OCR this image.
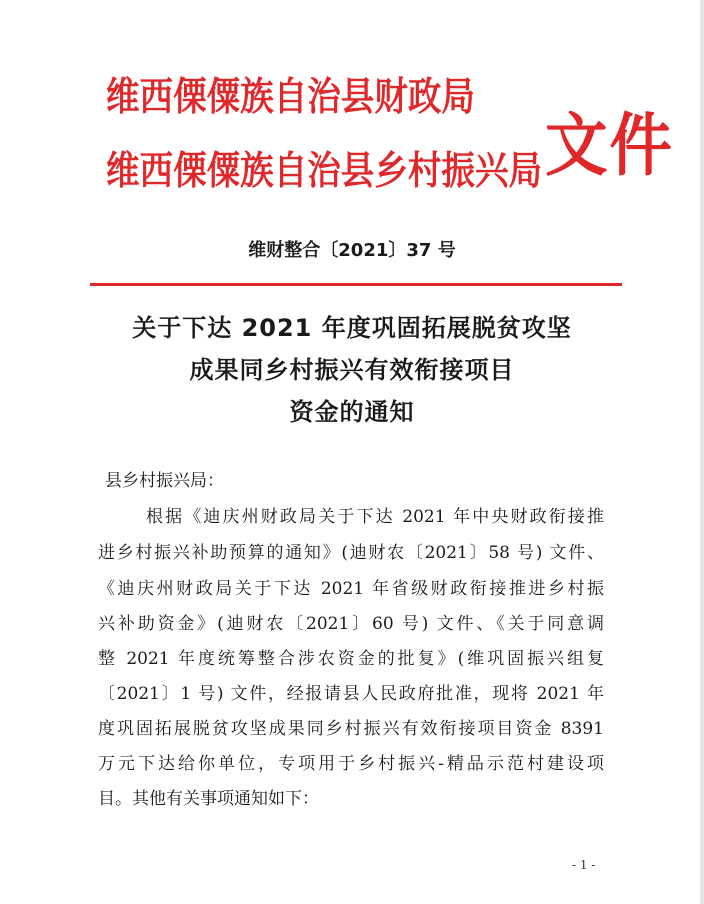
维西傈僳族自治县财政局
维西傈僳族自治县乡村振兴局 文件
维财整合〔2021〕37 号
关于下达 2021 年度巩固拓展脱贫攻坚
成果同乡村振兴有效衔接项目
资金的通知
县乡村振兴局：
根据《迪庆州财政局关于下达 2021 年中央财政衔接推
进乡村振兴补助预算的通知》(迪财农〔2021〕58 号) 文件、
《迪庆州财政局关于下达 2021 年省级财政衔接推进乡村振
兴补助资金》(迪财农〔2021〕60 号) 文件、《关于同意调
整 2021 年度统筹整合涉农资金的批复》(维巩固振兴组复
〔2021〕1 号) 文件，经报请县人民政府批准，现将 2021 年
度巩固拓展脱贫攻坚成果同乡村振兴有效衔接项目资金 8391
万元下达给你单位，专项用于乡村振兴-精品示范村建设项
目。其他有关事项通知如下：
- 1 -
